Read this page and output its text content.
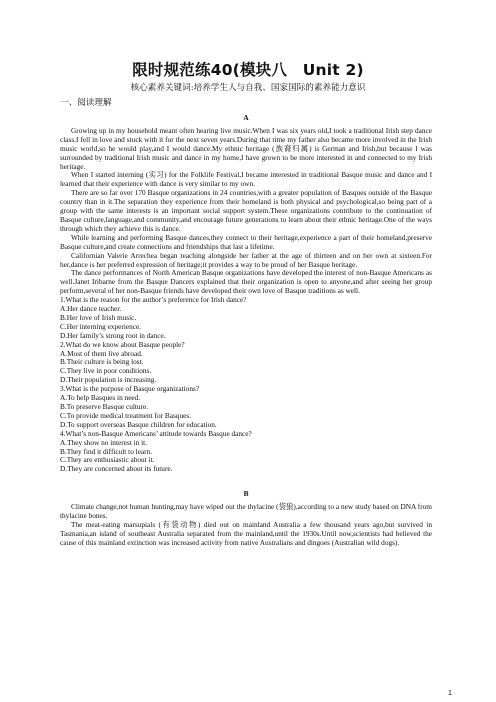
限时规范练40(模块八　Unit 2)
核心素养关键词:培养学生人与自我、国家国际的素养能力意识
一、阅读理解
A

Growing up in my household meant often hearing live music.When I was six years old,I took a traditional Irish step dance class.I fell in love and stuck with it for the next seven years.During that time my father also became more involved in the Irish music world,so he would play,and I would dance.My ethnic heritage (族裔归属) is German and Irish,but because I was surrounded by traditional Irish music and dance in my home,I have grown to be more interested in and connected to my Irish heritage.

When I started interning (实习) for the Folklife Festival,I became interested in traditional Basque music and dance and I learned that their experience with dance is very similar to my own.

There are so far over 170 Basque organizations in 24 countries,with a greater population of Basques outside of the Basque country than in it.The separation they experience from their homeland is both physical and psychological,so being part of a group with the same interests is an important social support system.These organizations contribute to the continuation of Basque culture,language,and community,and encourage future generations to learn about their ethnic heritage.One of the ways through which they achieve this is dance.

While learning and performing Basque dances,they connect to their heritage,experience a part of their homeland,preserve Basque culture,and create connections and friendships that last a lifetime.

Californian Valerie Arrechea began teaching alongside her father at the age of thirteen and on her own at sixteen.For her,dance is her preferred expression of heritage;it provides a way to be proud of her Basque heritage.

The dance performances of North American Basque organizations have developed the interest of non-Basque Americans as well.Janet Iribarne from the Basque Dancers explained that their organization is open to anyone,and after seeing her group perform,several of her non-Basque friends have developed their own love of Basque traditions as well.

1.What is the reason for the author’s preference for Irish dance?

A.Her dance teacher.

B.Her love of Irish music.

C.Her interning experience.

D.Her family’s strong root in dance.

2.What do we know about Basque people?

A.Most of them live abroad.

B.Their culture is being lost.

C.They live in poor conditions.

D.Their population is increasing.

3.What is the purpose of Basque organizations?

A.To help Basques in need.

B.To preserve Basque culture.

C.To provide medical treatment for Basques.

D.To support overseas Basque children for education.

4.What’s non-Basque Americans’ attitude towards Basque dance?

A.They show no interest in it.

B.They find it difficult to learn.

C.They are enthusiastic about it.

D.They are concerned about its future.

B

Climate change,not human hunting,may have wiped out the thylacine (袋狼),according to a new study based on DNA from thylacine bones.

The meat-eating marsupials (有袋动物) died out on mainland Australia a few thousand years ago,but survived in Tasmania,an island of southeast Australia separated from the mainland,until the 1930s.Until now,scientists had believed the cause of this mainland extinction was increased activity from native Australians and dingoes (Australian wild dogs).

1
